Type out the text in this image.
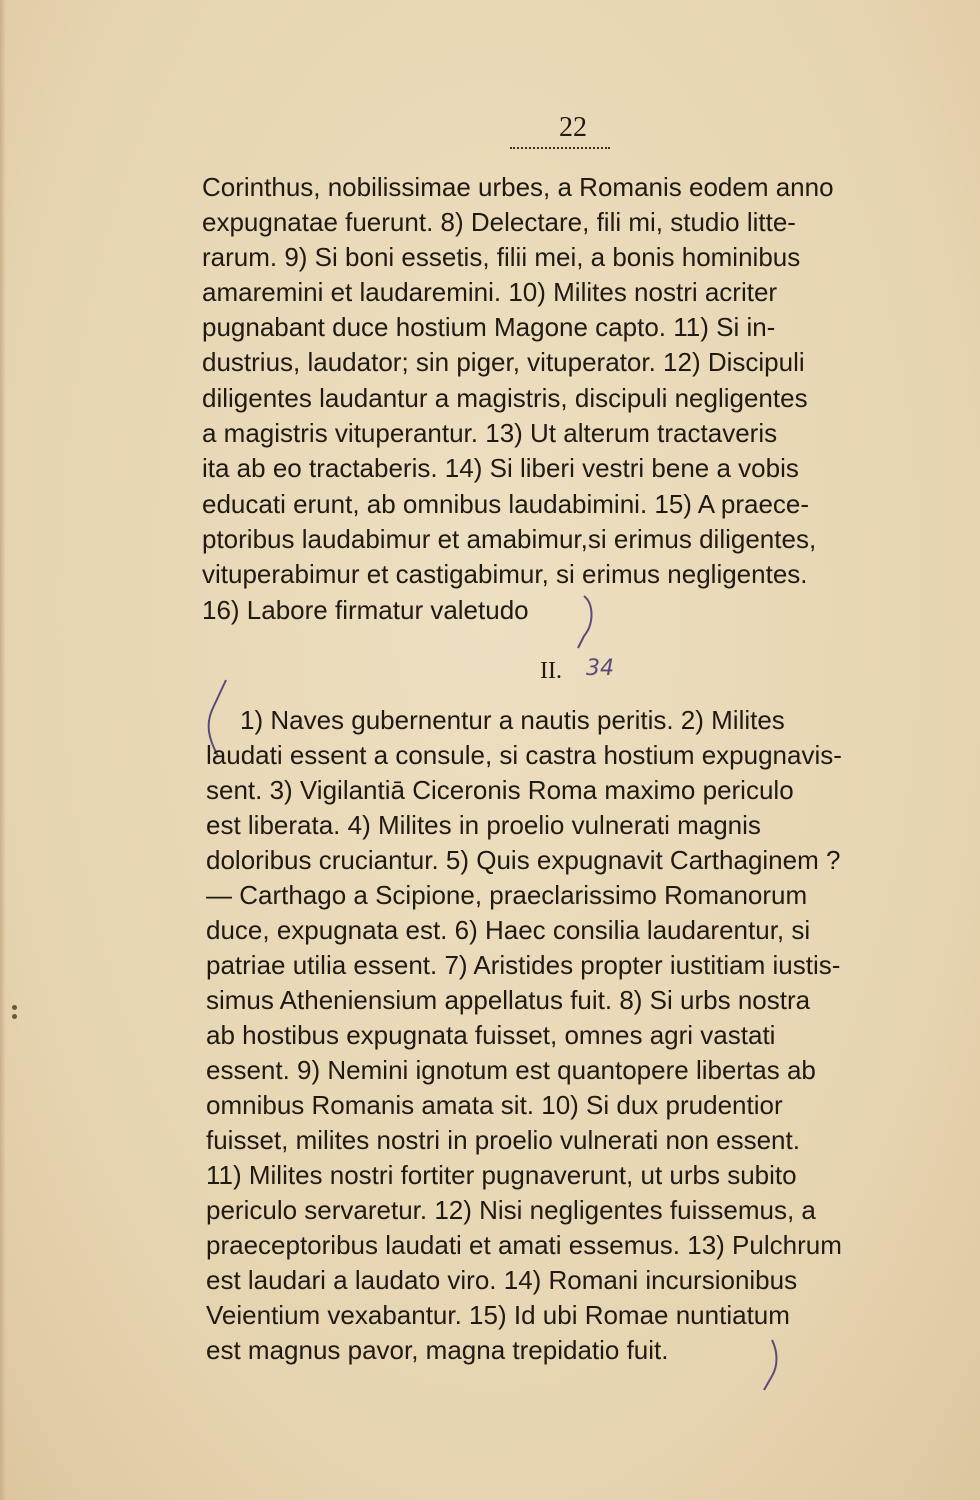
22
Corinthus, nobilissimae urbes, a Romanis eodem anno
expugnatae fuerunt. 8) Delectare, fili mi, studio litte-
rarum. 9) Si boni essetis, filii mei, a bonis hominibus
amaremini et laudaremini. 10) Milites nostri acriter
pugnabant duce hostium Magone capto. 11) Si in-
dustrius, laudator; sin piger, vituperator. 12) Discipuli
diligentes laudantur a magistris, discipuli negligentes
a magistris vituperantur. 13) Ut alterum tractaveris
ita ab eo tractaberis. 14) Si liberi vestri bene a vobis
educati erunt, ab omnibus laudabimini. 15) A praece-
ptoribus laudabimur et amabimur,si erimus diligentes,
vituperabimur et castigabimur, si erimus negligentes.
16) Labore firmatur valetudo
II. 34
1) Naves gubernentur a nautis peritis. 2) Milites
laudati essent a consule, si castra hostium expugnavis-
sent. 3) Vigilantiā Ciceronis Roma maximo periculo
est liberata. 4) Milites in proelio vulnerati magnis
doloribus cruciantur. 5) Quis expugnavit Carthaginem ?
— Carthago a Scipione, praeclarissimo Romanorum
duce, expugnata est. 6) Haec consilia laudarentur, si
patriae utilia essent. 7) Aristides propter iustitiam iustis-
simus Atheniensium appellatus fuit. 8) Si urbs nostra
ab hostibus expugnata fuisset, omnes agri vastati
essent. 9) Nemini ignotum est quantopere libertas ab
omnibus Romanis amata sit. 10) Si dux prudentior
fuisset, milites nostri in proelio vulnerati non essent.
11) Milites nostri fortiter pugnaverunt, ut urbs subito
periculo servaretur. 12) Nisi negligentes fuissemus, a
praeceptoribus laudati et amati essemus. 13) Pulchrum
est laudari a laudato viro. 14) Romani incursionibus
Veientium vexabantur. 15) Id ubi Romae nuntiatum
est magnus pavor, magna trepidatio fuit.
